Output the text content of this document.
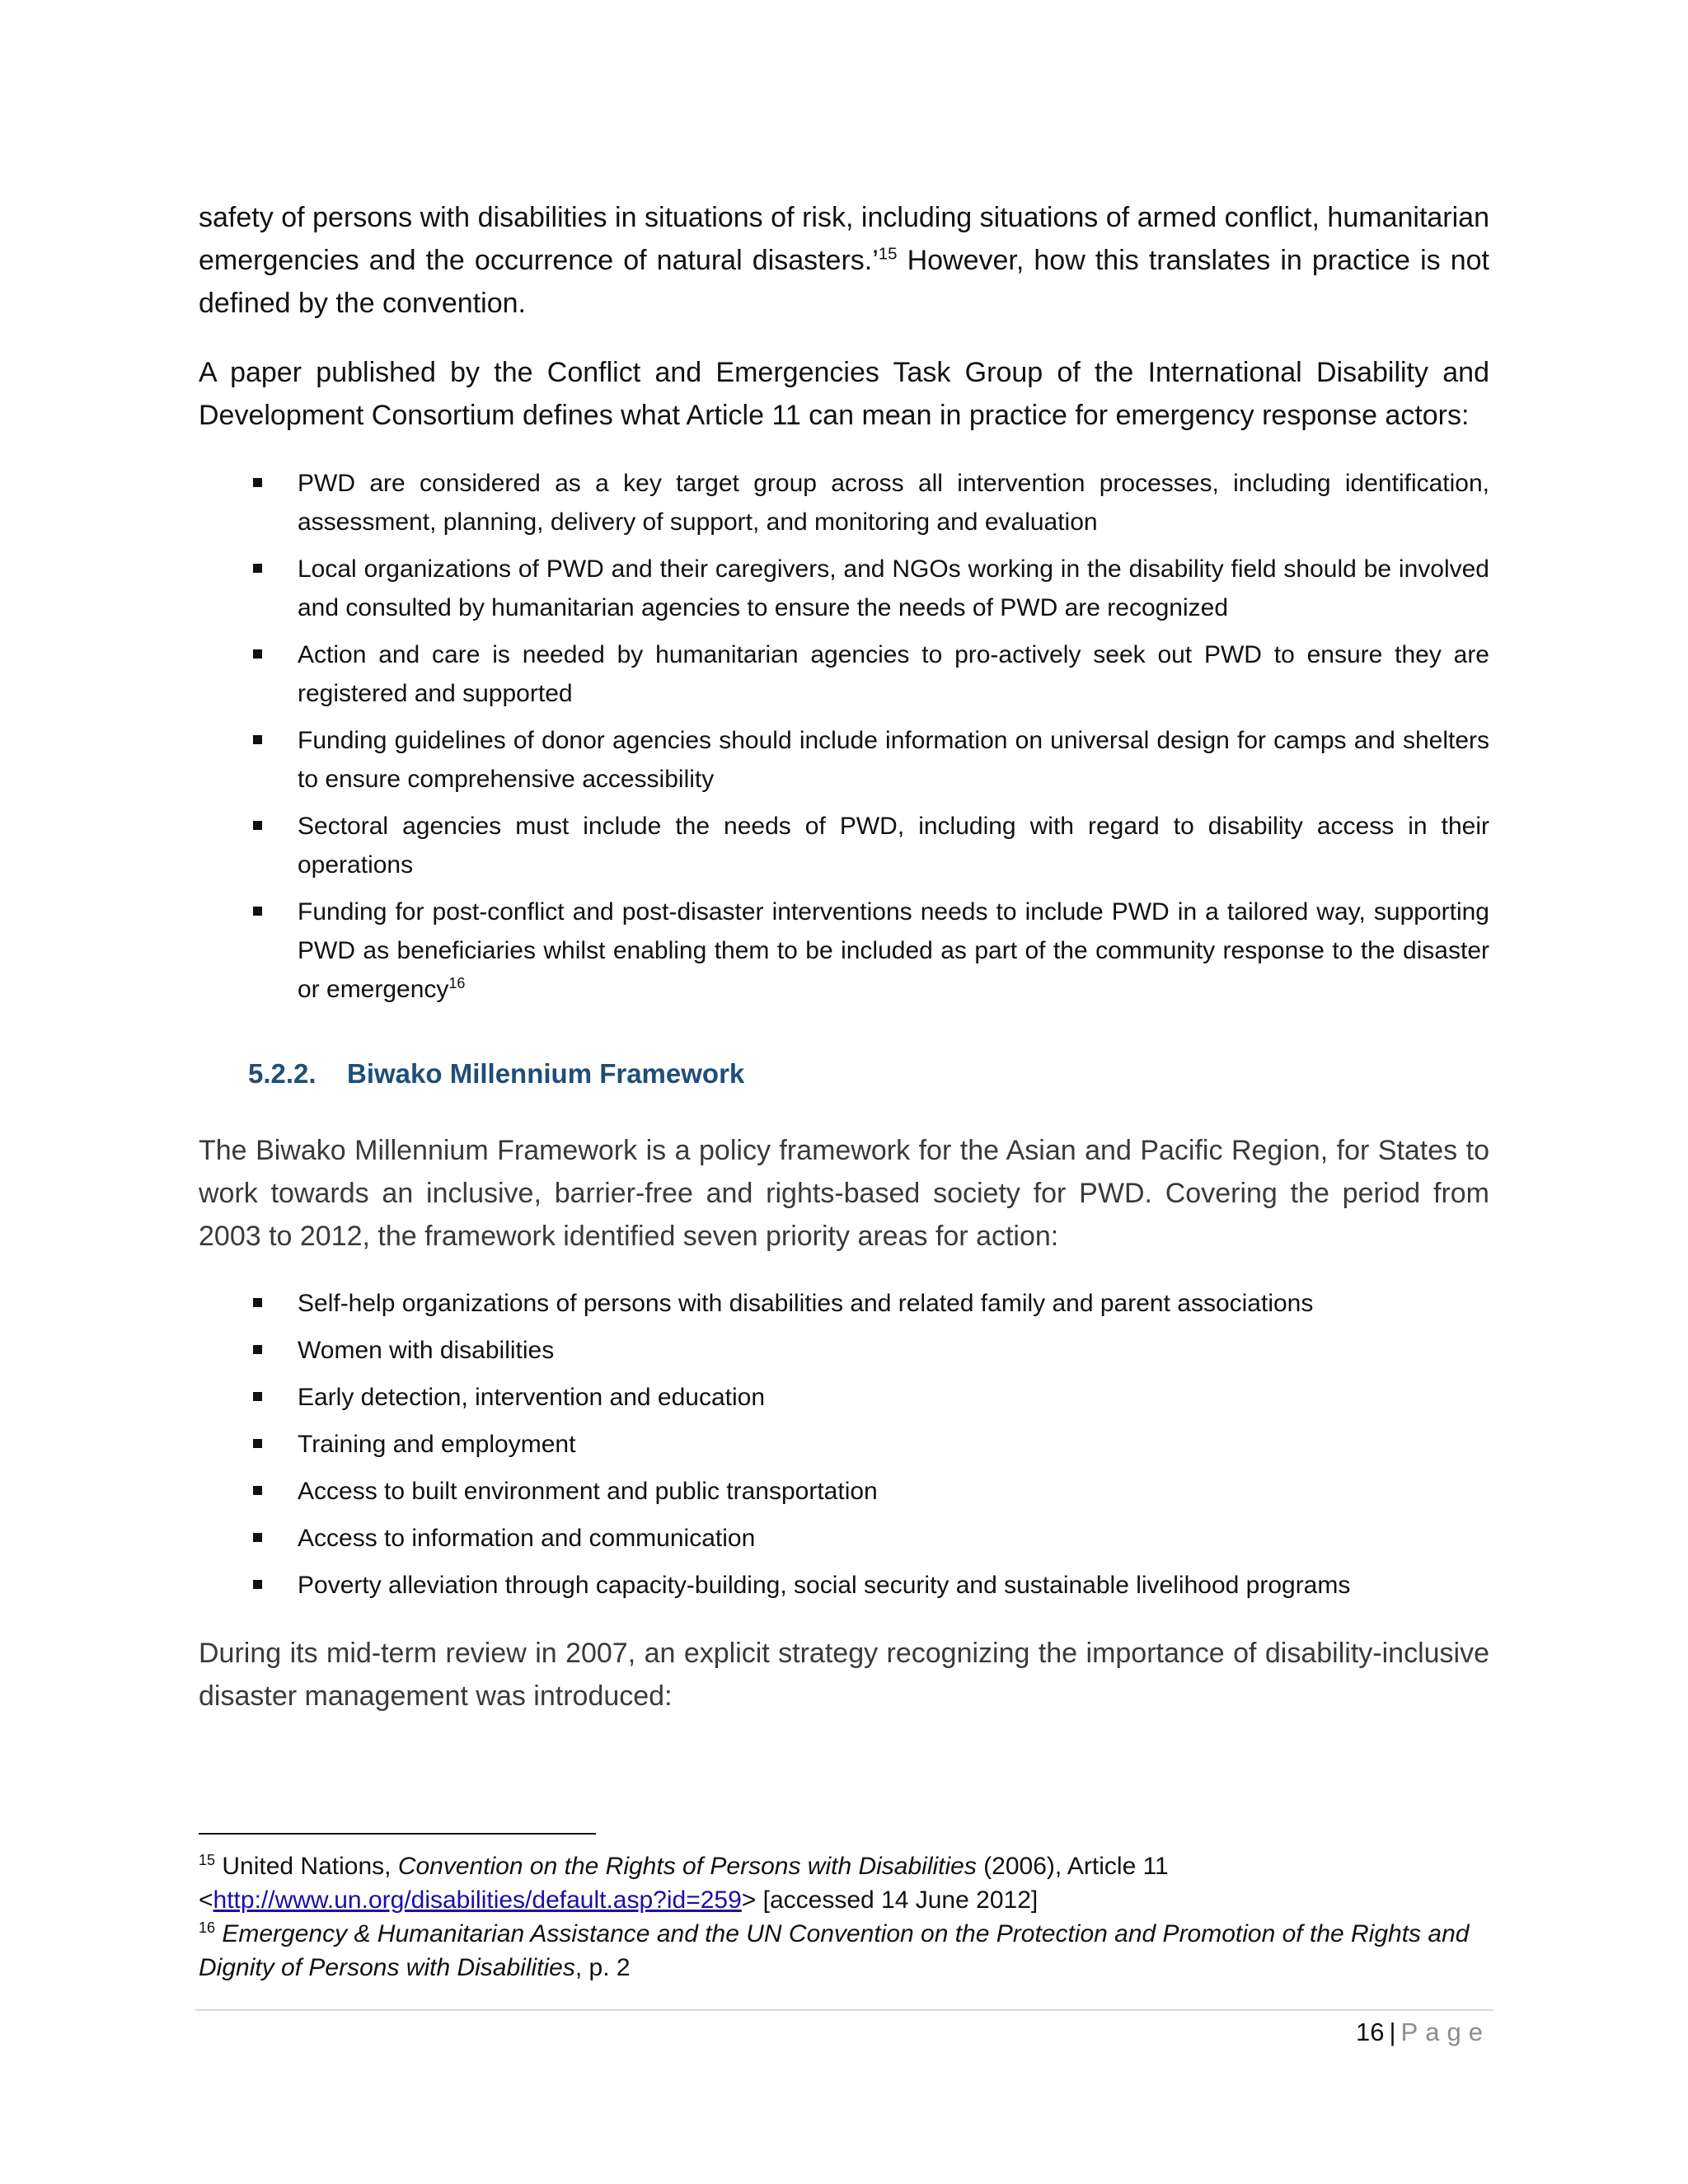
safety of persons with disabilities in situations of risk, including situations of armed conflict, humanitarian emergencies and the occurrence of natural disasters.’$^{15}$ However, how this translates in practice is not defined by the convention.

A paper published by the Conflict and Emergencies Task Group of the International Disability and Development Consortium defines what Article 11 can mean in practice for emergency response actors:

PWD are considered as a key target group across all intervention processes, including identification, assessment, planning, delivery of support, and monitoring and evaluation
Local organizations of PWD and their caregivers, and NGOs working in the disability field should be involved and consulted by humanitarian agencies to ensure the needs of PWD are recognized
Action and care is needed by humanitarian agencies to pro-actively seek out PWD to ensure they are registered and supported
Funding guidelines of donor agencies should include information on universal design for camps and shelters to ensure comprehensive accessibility
Sectoral agencies must include the needs of PWD, including with regard to disability access in their operations
Funding for post-conflict and post-disaster interventions needs to include PWD in a tailored way, supporting PWD as beneficiaries whilst enabling them to be included as part of the community response to the disaster or emergency$^{16}$
5.2.2. Biwako Millennium Framework

The Biwako Millennium Framework is a policy framework for the Asian and Pacific Region, for States to work towards an inclusive, barrier-free and rights-based society for PWD. Covering the period from 2003 to 2012, the framework identified seven priority areas for action:

Self-help organizations of persons with disabilities and related family and parent associations
Women with disabilities
Early detection, intervention and education
Training and employment
Access to built environment and public transportation
Access to information and communication
Poverty alleviation through capacity-building, social security and sustainable livelihood programs

During its mid-term review in 2007, an explicit strategy recognizing the importance of disability-inclusive disaster management was introduced:

$^{15}$ United Nations, Convention on the Rights of Persons with Disabilities (2006), Article 11
<http://www.un.org/disabilities/default.asp?id=259> [accessed 14 June 2012]

$^{16}$ Emergency & Humanitarian Assistance and the UN Convention on the Protection and Promotion of the Rights and Dignity of Persons with Disabilities, p. 2

16 | Page
